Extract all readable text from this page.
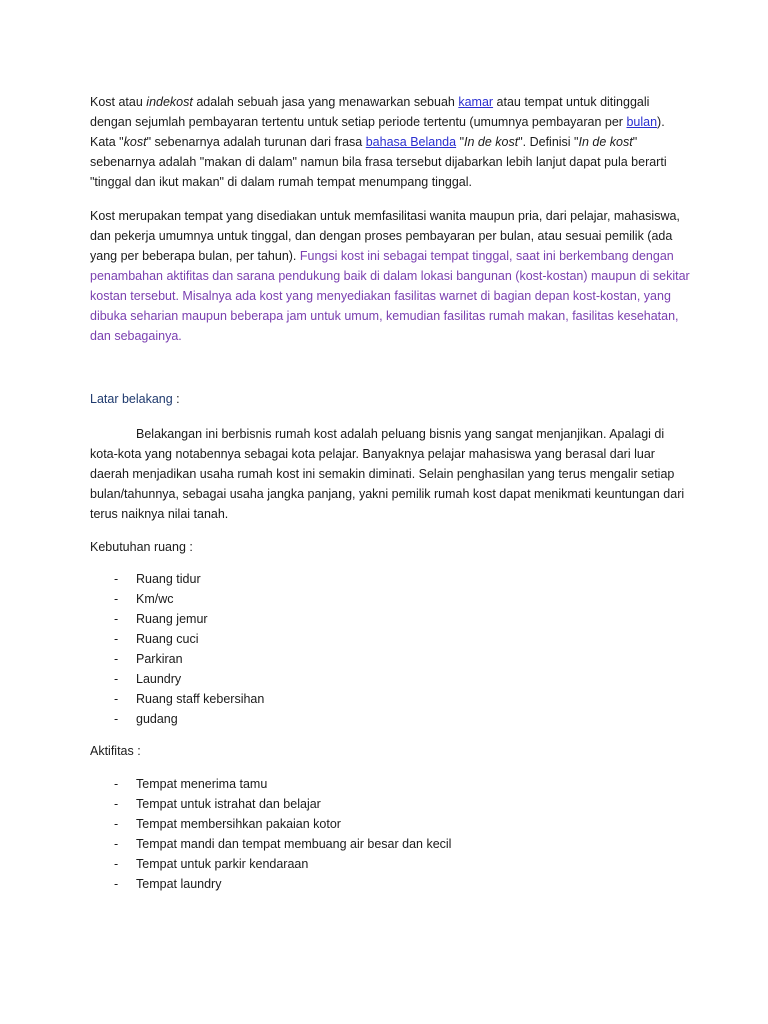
Kost atau indekost adalah sebuah jasa yang menawarkan sebuah kamar atau tempat untuk ditinggali dengan sejumlah pembayaran tertentu untuk setiap periode tertentu (umumnya pembayaran per bulan). Kata "kost" sebenarnya adalah turunan dari frasa bahasa Belanda "In de kost". Definisi "In de kost" sebenarnya adalah "makan di dalam" namun bila frasa tersebut dijabarkan lebih lanjut dapat pula berarti "tinggal dan ikut makan" di dalam rumah tempat menumpang tinggal.

Kost merupakan tempat yang disediakan untuk memfasilitasi wanita maupun pria, dari pelajar, mahasiswa, dan pekerja umumnya untuk tinggal, dan dengan proses pembayaran per bulan, atau sesuai pemilik (ada yang per beberapa bulan, per tahun). Fungsi kost ini sebagai tempat tinggal, saat ini berkembang dengan penambahan aktifitas dan sarana pendukung baik di dalam lokasi bangunan (kost-kostan) maupun di sekitar kostan tersebut. Misalnya ada kost yang menyediakan fasilitas warnet di bagian depan kost-kostan, yang dibuka seharian maupun beberapa jam untuk umum, kemudian fasilitas rumah makan, fasilitas kesehatan, dan sebagainya.

Latar belakang :

Belakangan ini berbisnis rumah kost adalah peluang bisnis yang sangat menjanjikan. Apalagi di kota-kota yang notabennya sebagai kota pelajar. Banyaknya pelajar mahasiswa yang berasal dari luar daerah menjadikan usaha rumah kost ini semakin diminati. Selain penghasilan yang terus mengalir setiap bulan/tahunnya, sebagai usaha jangka panjang, yakni pemilik rumah kost dapat menikmati keuntungan dari terus naiknya nilai tanah.

Kebutuhan ruang :

- Ruang tidur
- Km/wc
- Ruang jemur
- Ruang cuci
- Parkiran
- Laundry
- Ruang staff kebersihan
- gudang

Aktifitas :

- Tempat menerima tamu
- Tempat untuk istrahat dan belajar
- Tempat membersihkan pakaian kotor
- Tempat mandi dan tempat membuang air besar dan kecil
- Tempat untuk parkir kendaraan
- Tempat laundry
